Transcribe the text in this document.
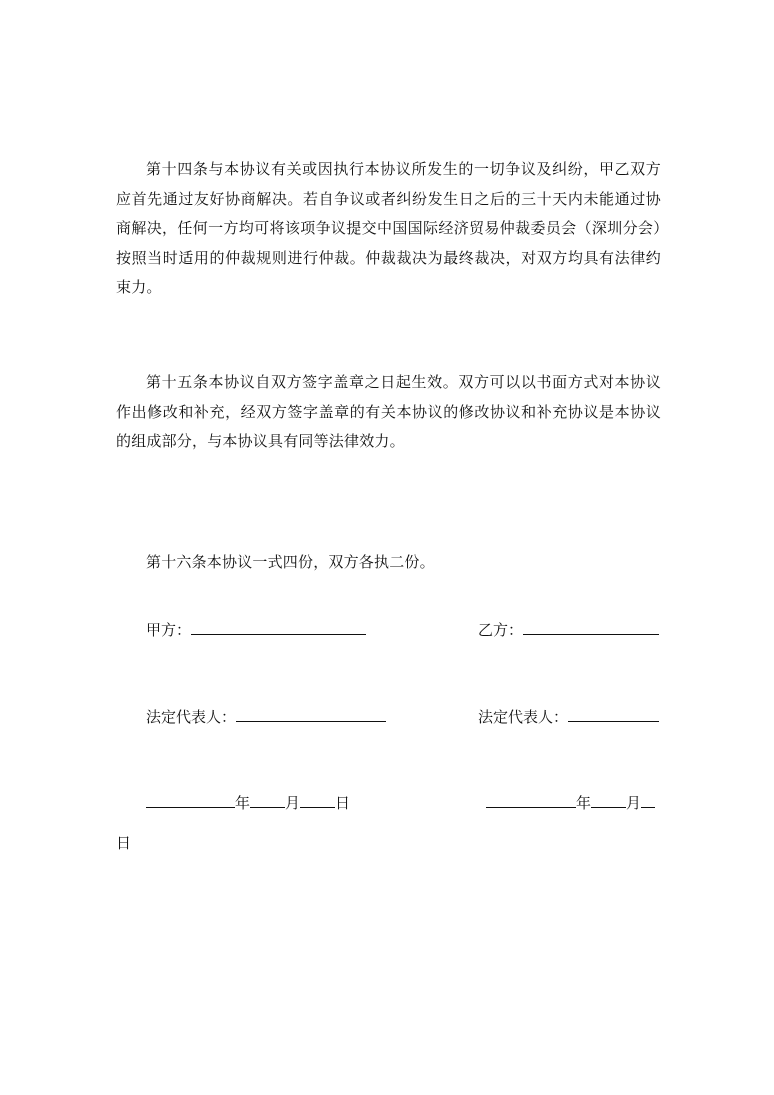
第十四条与本协议有关或因执行本协议所发生的一切争议及纠纷，甲乙双方应首先通过友好协商解决。若自争议或者纠纷发生日之后的三十天内未能通过协商解决，任何一方均可将该项争议提交中国国际经济贸易仲裁委员会（深圳分会）按照当时适用的仲裁规则进行仲裁。仲裁裁决为最终裁决，对双方均具有法律约束力。

第十五条本协议自双方签字盖章之日起生效。双方可以以书面方式对本协议作出修改和补充，经双方签字盖章的有关本协议的修改协议和补充协议是本协议的组成部分，与本协议具有同等法律效力。

第十六条本协议一式四份，双方各执二份。

甲方：	乙方：
法定代表人：	法定代表人：
年 月 日	年 月
日
